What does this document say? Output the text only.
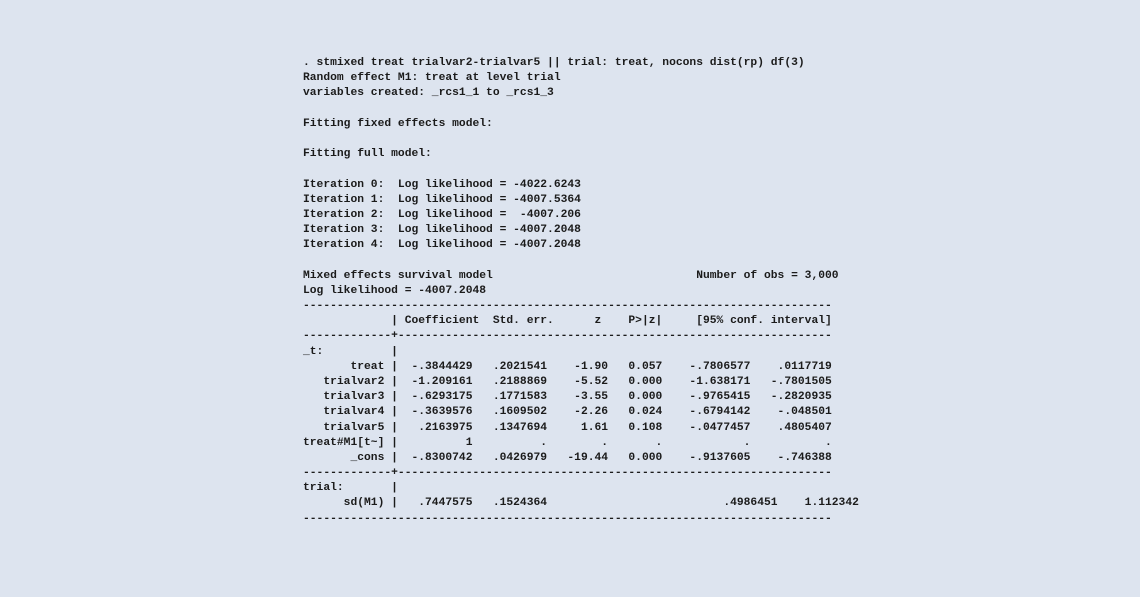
. stmixed treat trialvar2-trialvar5 || trial: treat, nocons dist(rp) df(3)
Random effect M1: treat at level trial
variables created: _rcs1_1 to _rcs1_3
Fitting fixed effects model:
Fitting full model:
Iteration 0:  Log likelihood = -4022.6243
Iteration 1:  Log likelihood = -4007.5364
Iteration 2:  Log likelihood =  -4007.206
Iteration 3:  Log likelihood = -4007.2048
Iteration 4:  Log likelihood = -4007.2048
Mixed effects survival model                              Number of obs = 3,000
Log likelihood = -4007.2048
------------------------------------------------------------------------------
| Coefficient  Std. err.      z    P>|z|     [95% conf. interval]
-------------+----------------------------------------------------------------
_t:          |
treat |  -.3844429   .2021541    -1.90   0.057    -.7806577    .0117719
trialvar2 |  -1.209161   .2188869    -5.52   0.000    -1.638171   -.7801505
trialvar3 |  -.6293175   .1771583    -3.55   0.000    -.9765415   -.2820935
trialvar4 |  -.3639576   .1609502    -2.26   0.024    -.6794142    -.048501
trialvar5 |   .2163975   .1347694     1.61   0.108    -.0477457    .4805407
treat#M1[t~] |          1          .        .       .            .           .
_cons |  -.8300742   .0426979   -19.44   0.000    -.9137605    -.746388
-------------+----------------------------------------------------------------
trial:       |
sd(M1) |   .7447575   .1524364                          .4986451    1.112342
------------------------------------------------------------------------------
